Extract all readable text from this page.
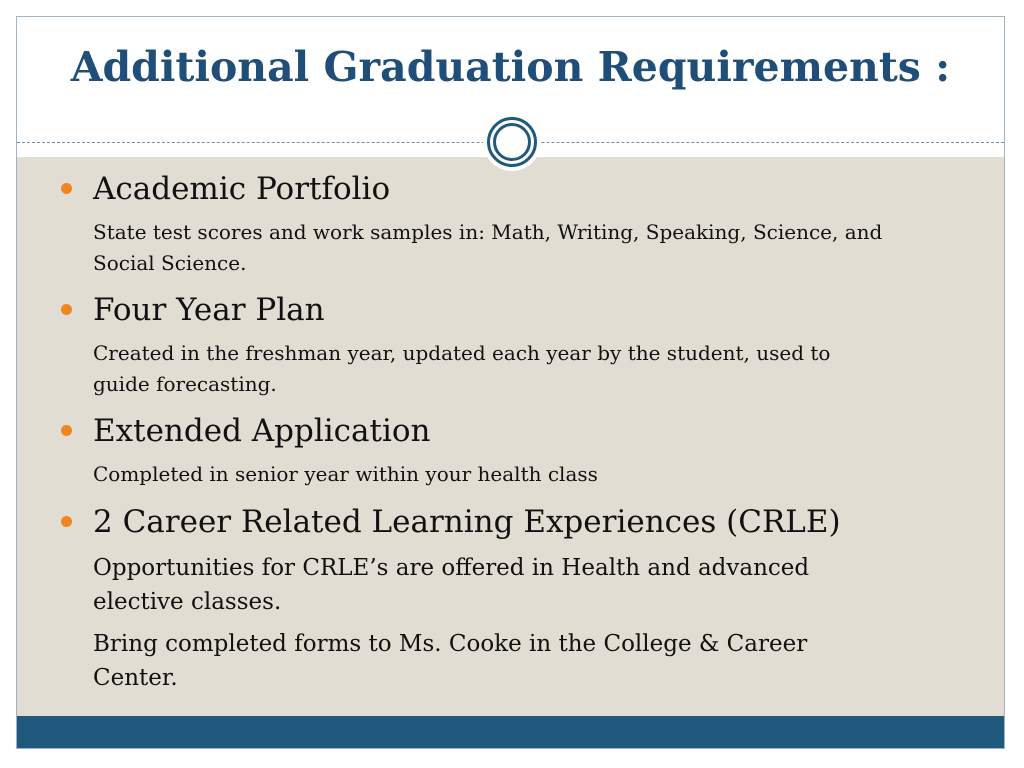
Additional Graduation Requirements :
Academic Portfolio
State test scores and work samples in: Math, Writing, Speaking, Science, and Social Science.
Four Year Plan
Created in the freshman year, updated each year by the student, used to guide forecasting.
Extended Application
Completed in senior year within your health class
2 Career Related Learning Experiences (CRLE)
Opportunities for CRLE’s are offered in Health and advanced elective classes.
Bring completed forms to Ms. Cooke in the College & Career Center.
